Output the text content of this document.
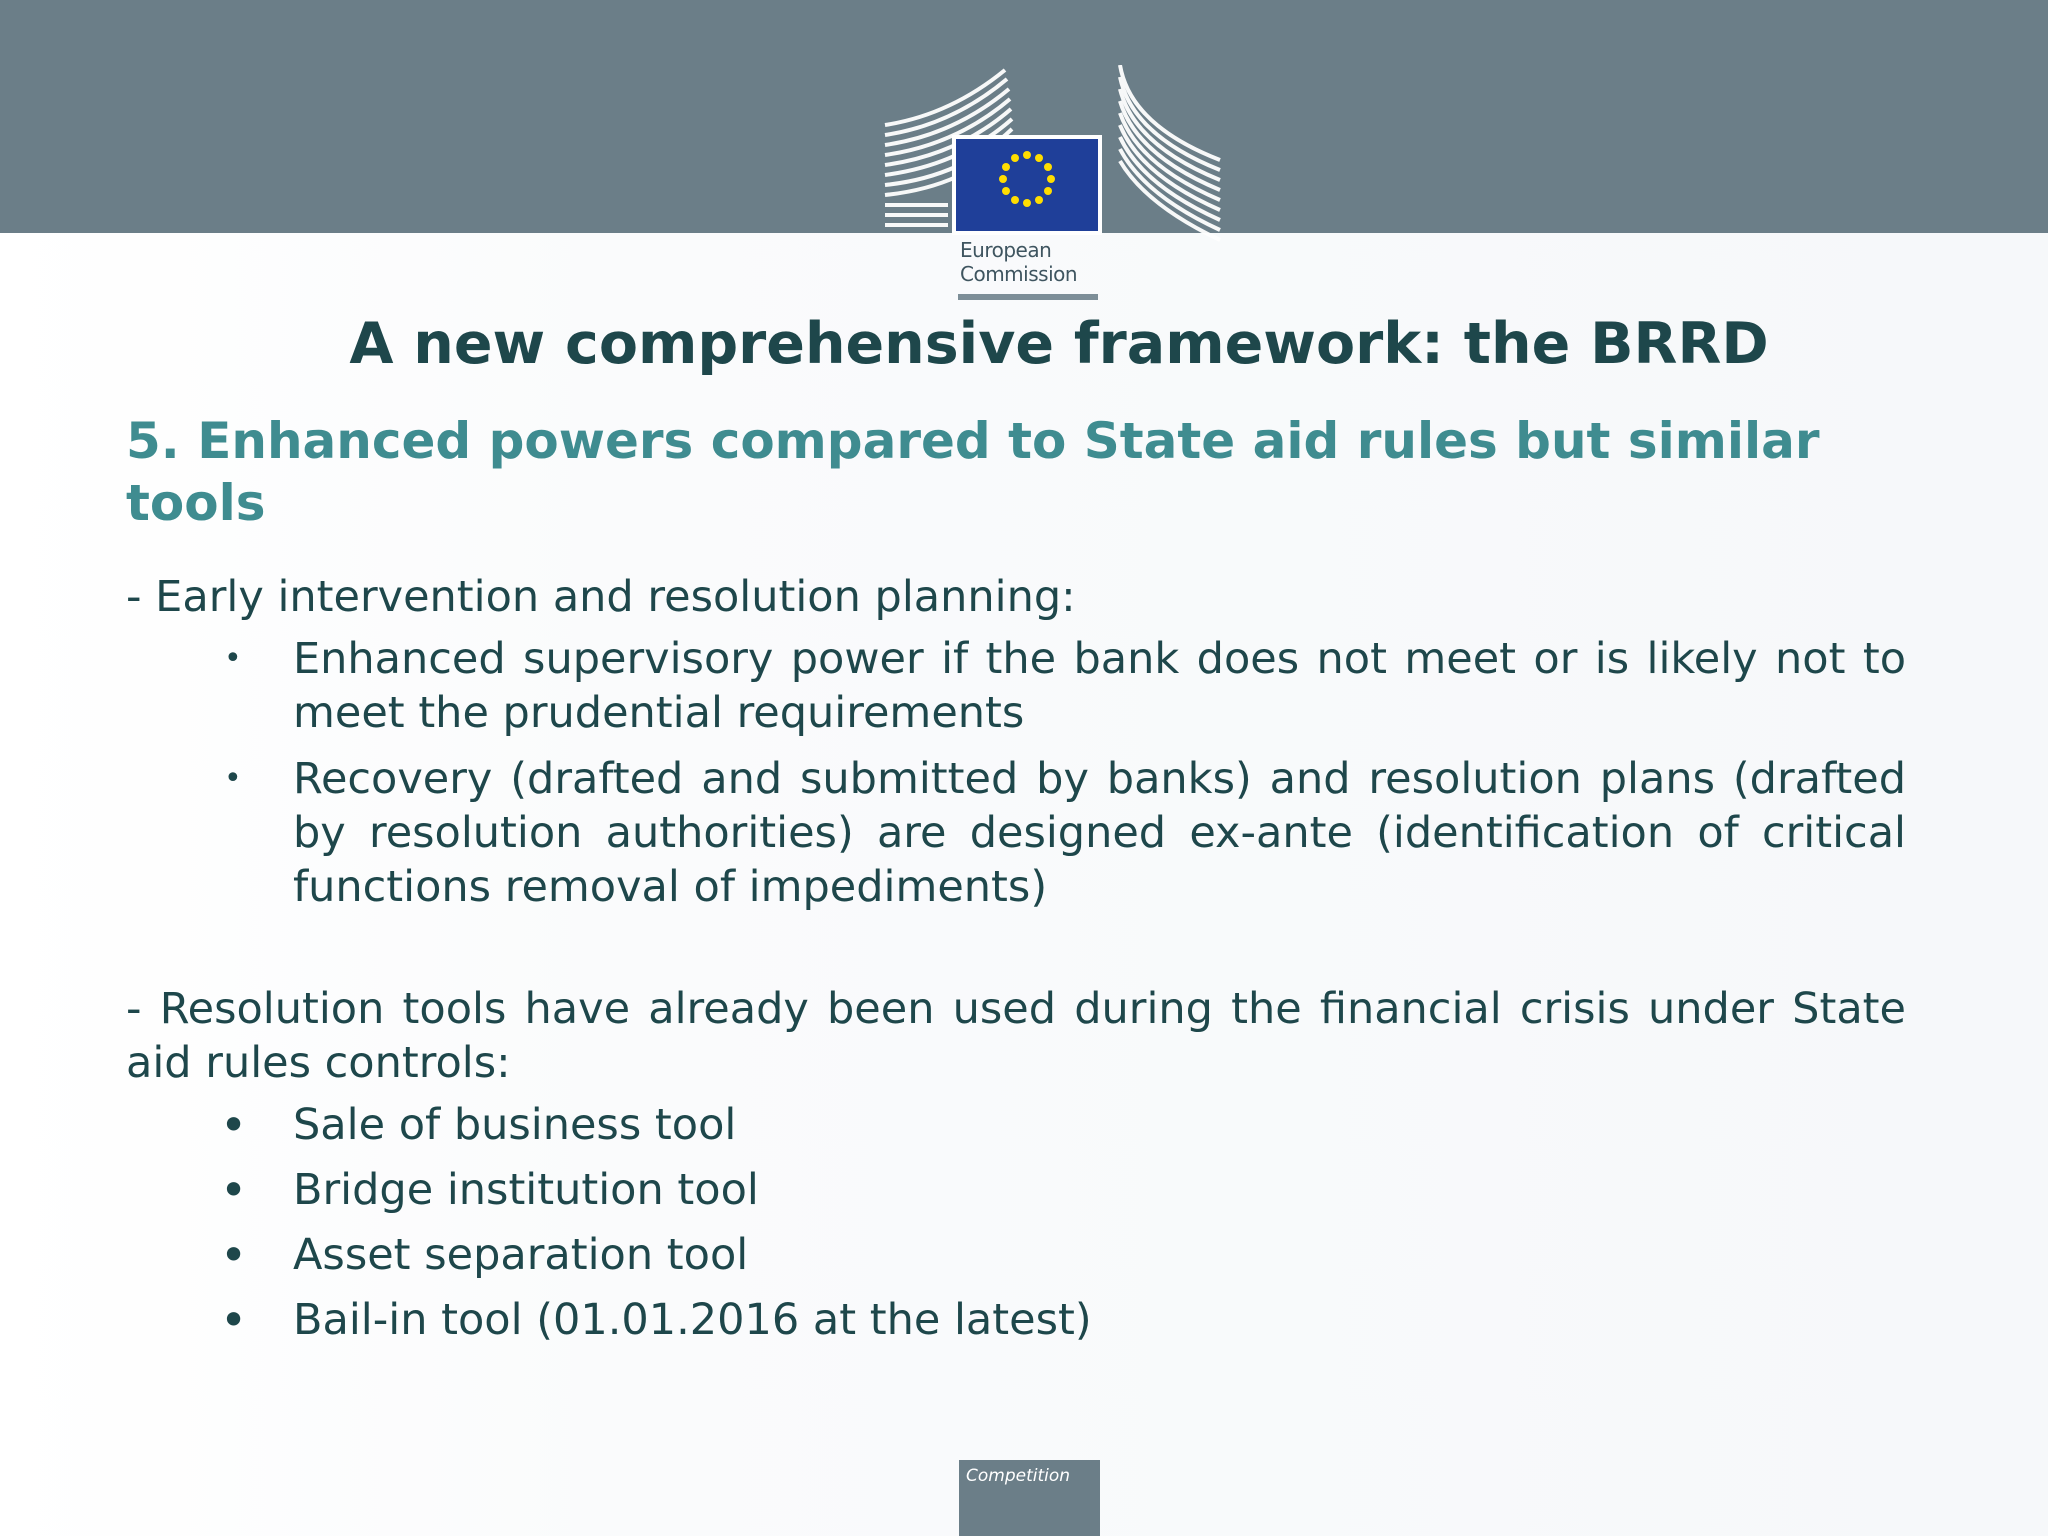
European
Commission
A new comprehensive framework: the BRRD
5. Enhanced powers compared to State aid rules but similar tools

- Early intervention and resolution planning:

•	Enhanced supervisory power if the bank does not meet or is likely not to meet the prudential requirements
•	Recovery (drafted and submitted by banks) and resolution plans (drafted by resolution authorities) are designed ex-ante (identification of critical functions removal of impediments)

- Resolution tools have already been used during the financial crisis under State aid rules controls:

• Sale of business tool
• Bridge institution tool
• Asset separation tool
• Bail-in tool (01.01.2016 at the latest)
Competition
